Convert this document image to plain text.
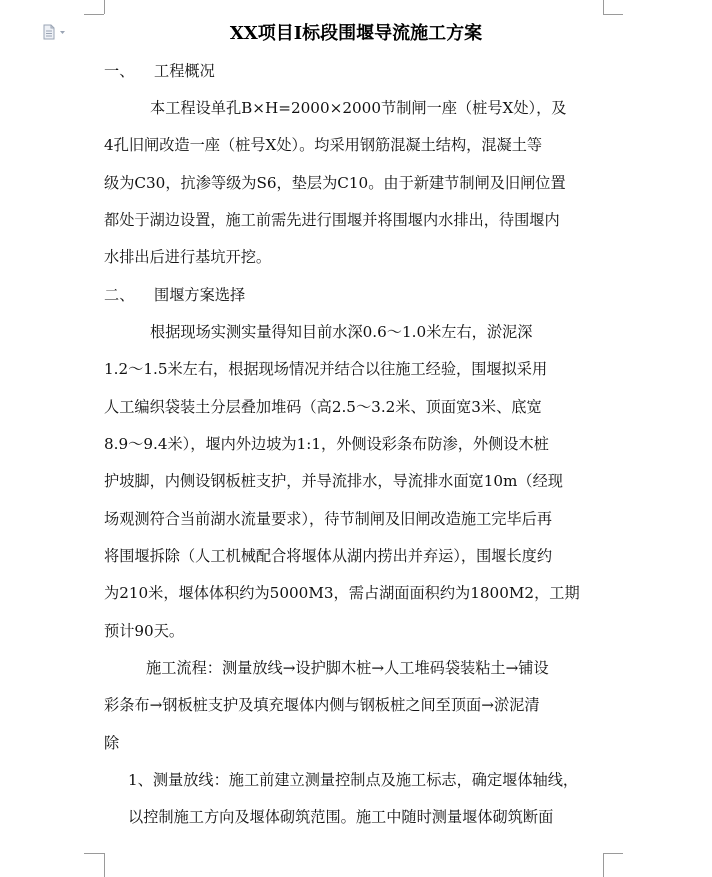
XX项目Ⅰ标段围堰导流施工方案
一、 工程概况
本工程设单孔B×H=2000×2000节制闸一座（桩号X处），及
4孔旧闸改造一座（桩号X处）。均采用钢筋混凝土结构，混凝土等
级为C30，抗渗等级为S6，垫层为C10。由于新建节制闸及旧闸位置
都处于湖边设置，施工前需先进行围堰并将围堰内水排出，待围堰内
水排出后进行基坑开挖。
二、 围堰方案选择
根据现场实测实量得知目前水深0.6～1.0米左右，淤泥深
1.2～1.5米左右，根据现场情况并结合以往施工经验，围堰拟采用
人工编织袋装土分层叠加堆码（高2.5～3.2米、顶面宽3米、底宽
8.9～9.4米），堰内外边坡为1:1，外侧设彩条布防渗，外侧设木桩
护坡脚，内侧设钢板桩支护，并导流排水，导流排水面宽10m（经现
场观测符合当前湖水流量要求），待节制闸及旧闸改造施工完毕后再
将围堰拆除（人工机械配合将堰体从湖内捞出并弃运），围堰长度约
为210米，堰体体积约为5000M3，需占湖面面积约为1800M2，工期
预计90天。
施工流程：测量放线→设护脚木桩→人工堆码袋装粘土→铺设
彩条布→钢板桩支护及填充堰体内侧与钢板桩之间至顶面→淤泥清
除
1、测量放线：施工前建立测量控制点及施工标志，确定堰体轴线，
以控制施工方向及堰体砌筑范围。施工中随时测量堰体砌筑断面
